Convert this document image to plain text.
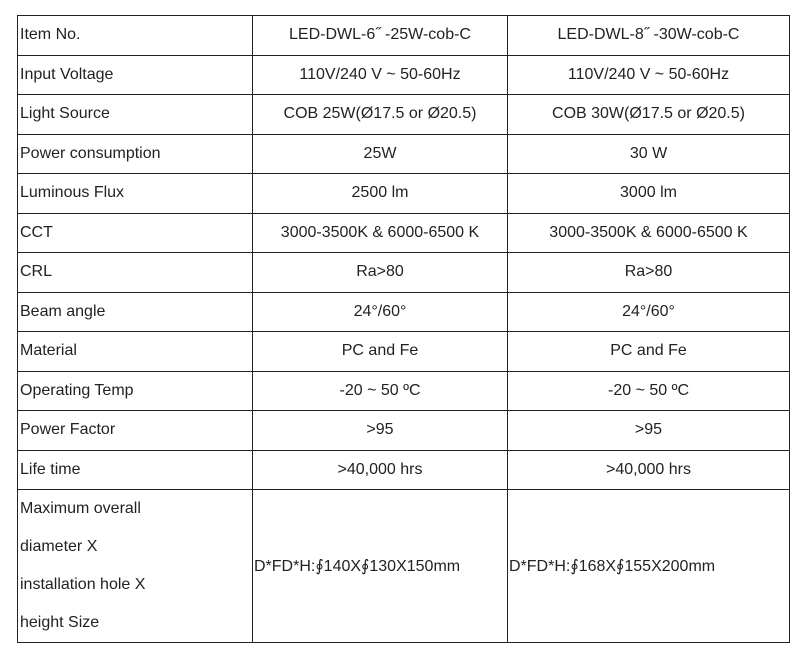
Item No.	LED-DWL-6˝ -25W-cob-C	LED-DWL-8˝ -30W-cob-C
Input Voltage	110V/240 V ~ 50-60Hz	110V/240 V ~ 50-60Hz
Light Source	COB 25W(Ø17.5 or Ø20.5)	COB 30W(Ø17.5 or Ø20.5)
Power consumption	25W	30 W
Luminous Flux	2500 lm	3000 lm
CCT	3000-3500K & 6000-6500 K	3000-3500K & 6000-6500 K
CRL	Ra>80	Ra>80
Beam angle	24°/60°	24°/60°
Material	PC and Fe	PC and Fe
Operating Temp	-20 ~ 50 ºC	-20 ~ 50 ºC
Power Factor	>95	>95
Life time	>40,000 hrs	>40,000 hrs

Maximum overall
diameter X
installation hole X
height Size	D*FD*H:∮140X∮130X150mm	D*FD*H:∮168X∮155X200mm
